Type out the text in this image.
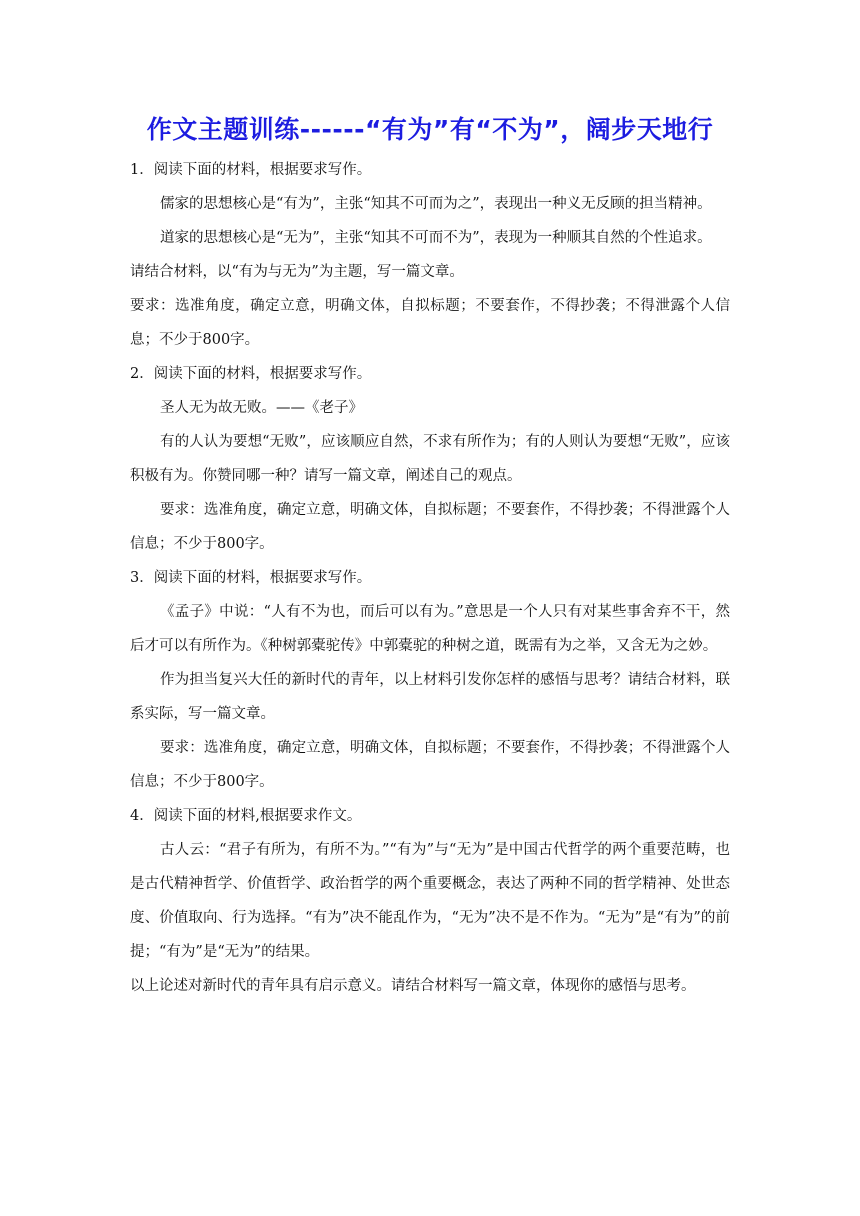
作文主题训练------“有为”有“不为”，阔步天地行

1．阅读下面的材料，根据要求写作。

儒家的思想核心是“有为”，主张“知其不可而为之”，表现出一种义无反顾的担当精神。

道家的思想核心是“无为”，主张“知其不可而不为”，表现为一种顺其自然的个性追求。

请结合材料，以“有为与无为”为主题，写一篇文章。

要求：选准角度，确定立意，明确文体，自拟标题；不要套作，不得抄袭；不得泄露个人信息；不少于800字。

2．阅读下面的材料，根据要求写作。

圣人无为故无败。——《老子》

有的人认为要想“无败”，应该顺应自然，不求有所作为；有的人则认为要想“无败”，应该积极有为。你赞同哪一种？请写一篇文章，阐述自己的观点。

要求：选准角度，确定立意，明确文体，自拟标题；不要套作，不得抄袭；不得泄露个人信息；不少于800字。

3．阅读下面的材料，根据要求写作。

《孟子》中说：“人有不为也，而后可以有为。”意思是一个人只有对某些事舍弃不干，然后才可以有所作为。《种树郭橐驼传》中郭橐驼的种树之道，既需有为之举，又含无为之妙。

作为担当复兴大任的新时代的青年，以上材料引发你怎样的感悟与思考？请结合材料，联系实际，写一篇文章。

要求：选准角度，确定立意，明确文体，自拟标题；不要套作，不得抄袭；不得泄露个人信息；不少于800字。

4．阅读下面的材料,根据要求作文。

古人云：“君子有所为，有所不为。”“有为”与“无为”是中国古代哲学的两个重要范畴，也是古代精神哲学、价值哲学、政治哲学的两个重要概念，表达了两种不同的哲学精神、处世态度、价值取向、行为选择。“有为”决不能乱作为，“无为”决不是不作为。“无为”是“有为”的前提；“有为”是“无为”的结果。

以上论述对新时代的青年具有启示意义。请结合材料写一篇文章，体现你的感悟与思考。
